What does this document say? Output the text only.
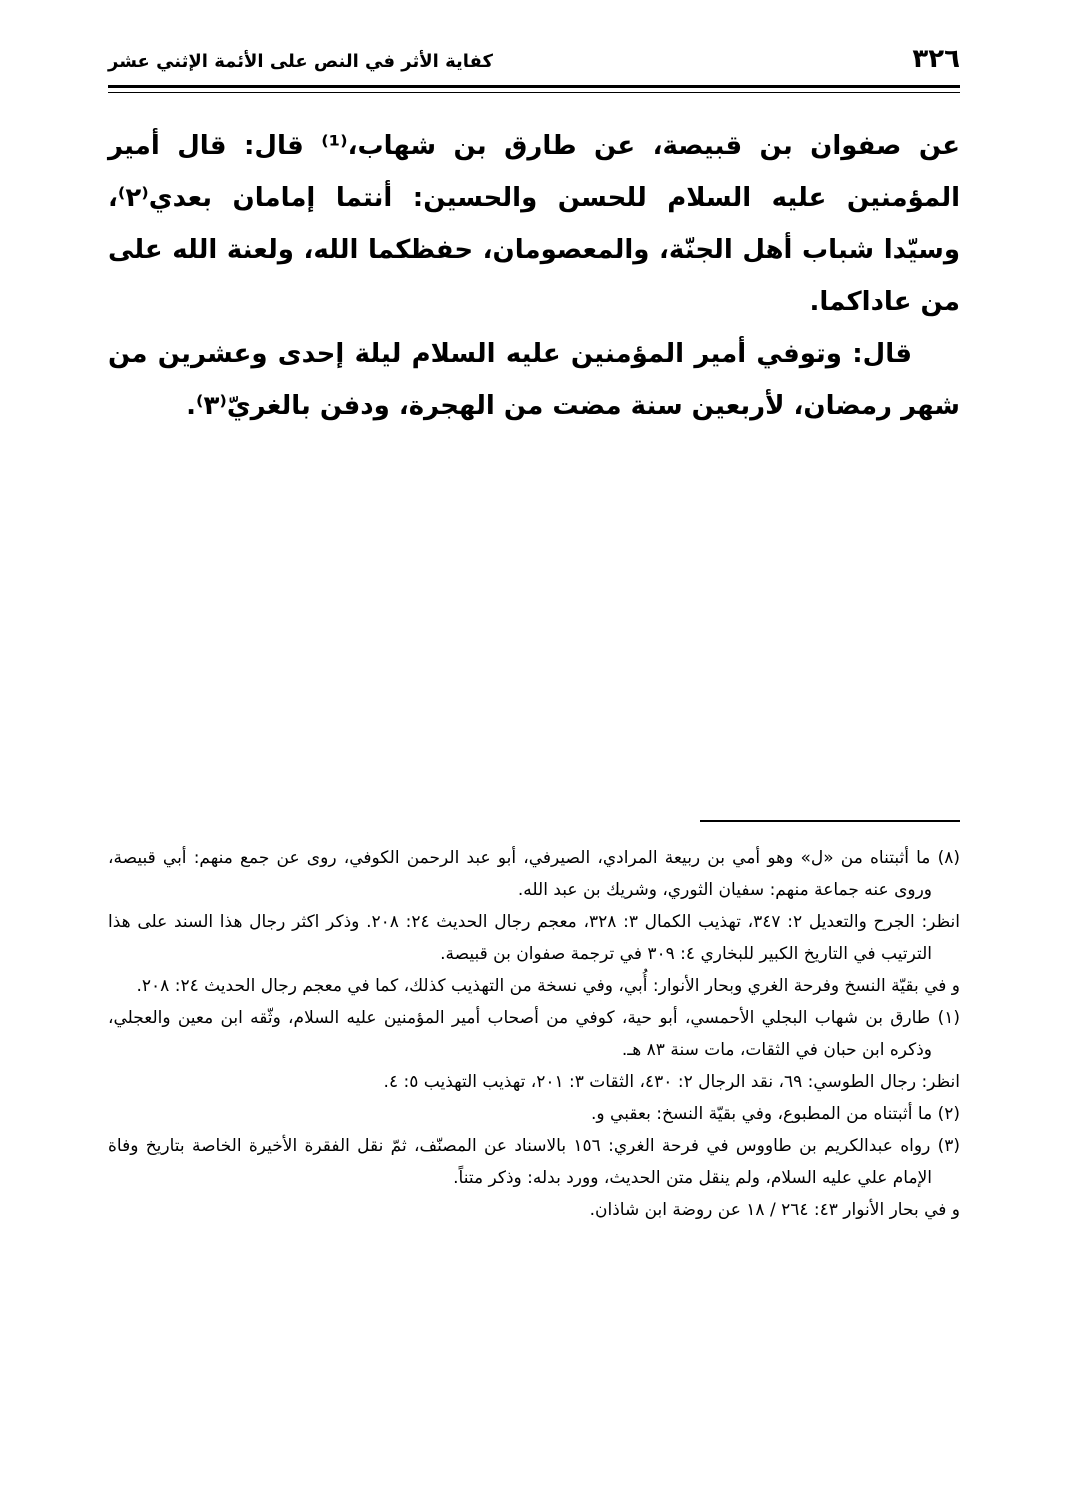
٣٢٦
كفاية الأثر في النص على الأئمة الإثني عشر

عن صفوان بن قبيصة، عن طارق بن شهاب،⁽¹⁾ قال: قال أمير المؤمنين عليه السلام للحسن والحسين: أنتما إمامان بعدي⁽٢⁾، وسيّدا شباب أهل الجنّة، والمعصومان، حفظكما الله، ولعنة الله على من عاداكما.

قال: وتوفي أمير المؤمنين عليه السلام ليلة إحدى وعشرين من شهر رمضان، لأربعين سنة مضت من الهجرة، ودفن بالغريّ⁽٣⁾.

(٨) ما أثبتناه من «ل» وهو أمي بن ربيعة المرادي، الصيرفي، أبو عبد الرحمن الكوفي، روى عن جمع منهم: أبي قبيصة، وروى عنه جماعة منهم: سفيان الثوري، وشريك بن عبد الله.

انظر: الجرح والتعديل ٢: ٣٤٧، تهذيب الكمال ٣: ٣٢٨، معجم رجال الحديث ٢٤: ٢٠٨. وذكر اكثر رجال هذا السند على هذا الترتيب في التاريخ الكبير للبخاري ٤: ٣٠٩ في ترجمة صفوان بن قبيصة.

و في بقيّة النسخ وفرحة الغري وبحار الأنوار: أُبي، وفي نسخة من التهذيب كذلك، كما في معجم رجال الحديث ٢٤: ٢٠٨.

(١) طارق بن شهاب البجلي الأحمسي، أبو حية، كوفي من أصحاب أمير المؤمنين عليه السلام، وثّقه ابن معين والعجلي، وذكره ابن حبان في الثقات، مات سنة ٨٣ هـ.

انظر: رجال الطوسي: ٦٩، نقد الرجال ٢: ٤٣٠، الثقات ٣: ٢٠١، تهذيب التهذيب ٥: ٤.

(٢) ما أثبتناه من المطبوع، وفي بقيّة النسخ: بعقبي و.

(٣) رواه عبدالكريم بن طاووس في فرحة الغري: ١٥٦ بالاسناد عن المصنّف، ثمّ نقل الفقرة الأخيرة الخاصة بتاريخ وفاة الإمام علي عليه السلام، ولم ينقل متن الحديث، وورد بدله: وذكر متناً.

و في بحار الأنوار ٤٣: ٢٦٤ / ١٨ عن روضة ابن شاذان.
